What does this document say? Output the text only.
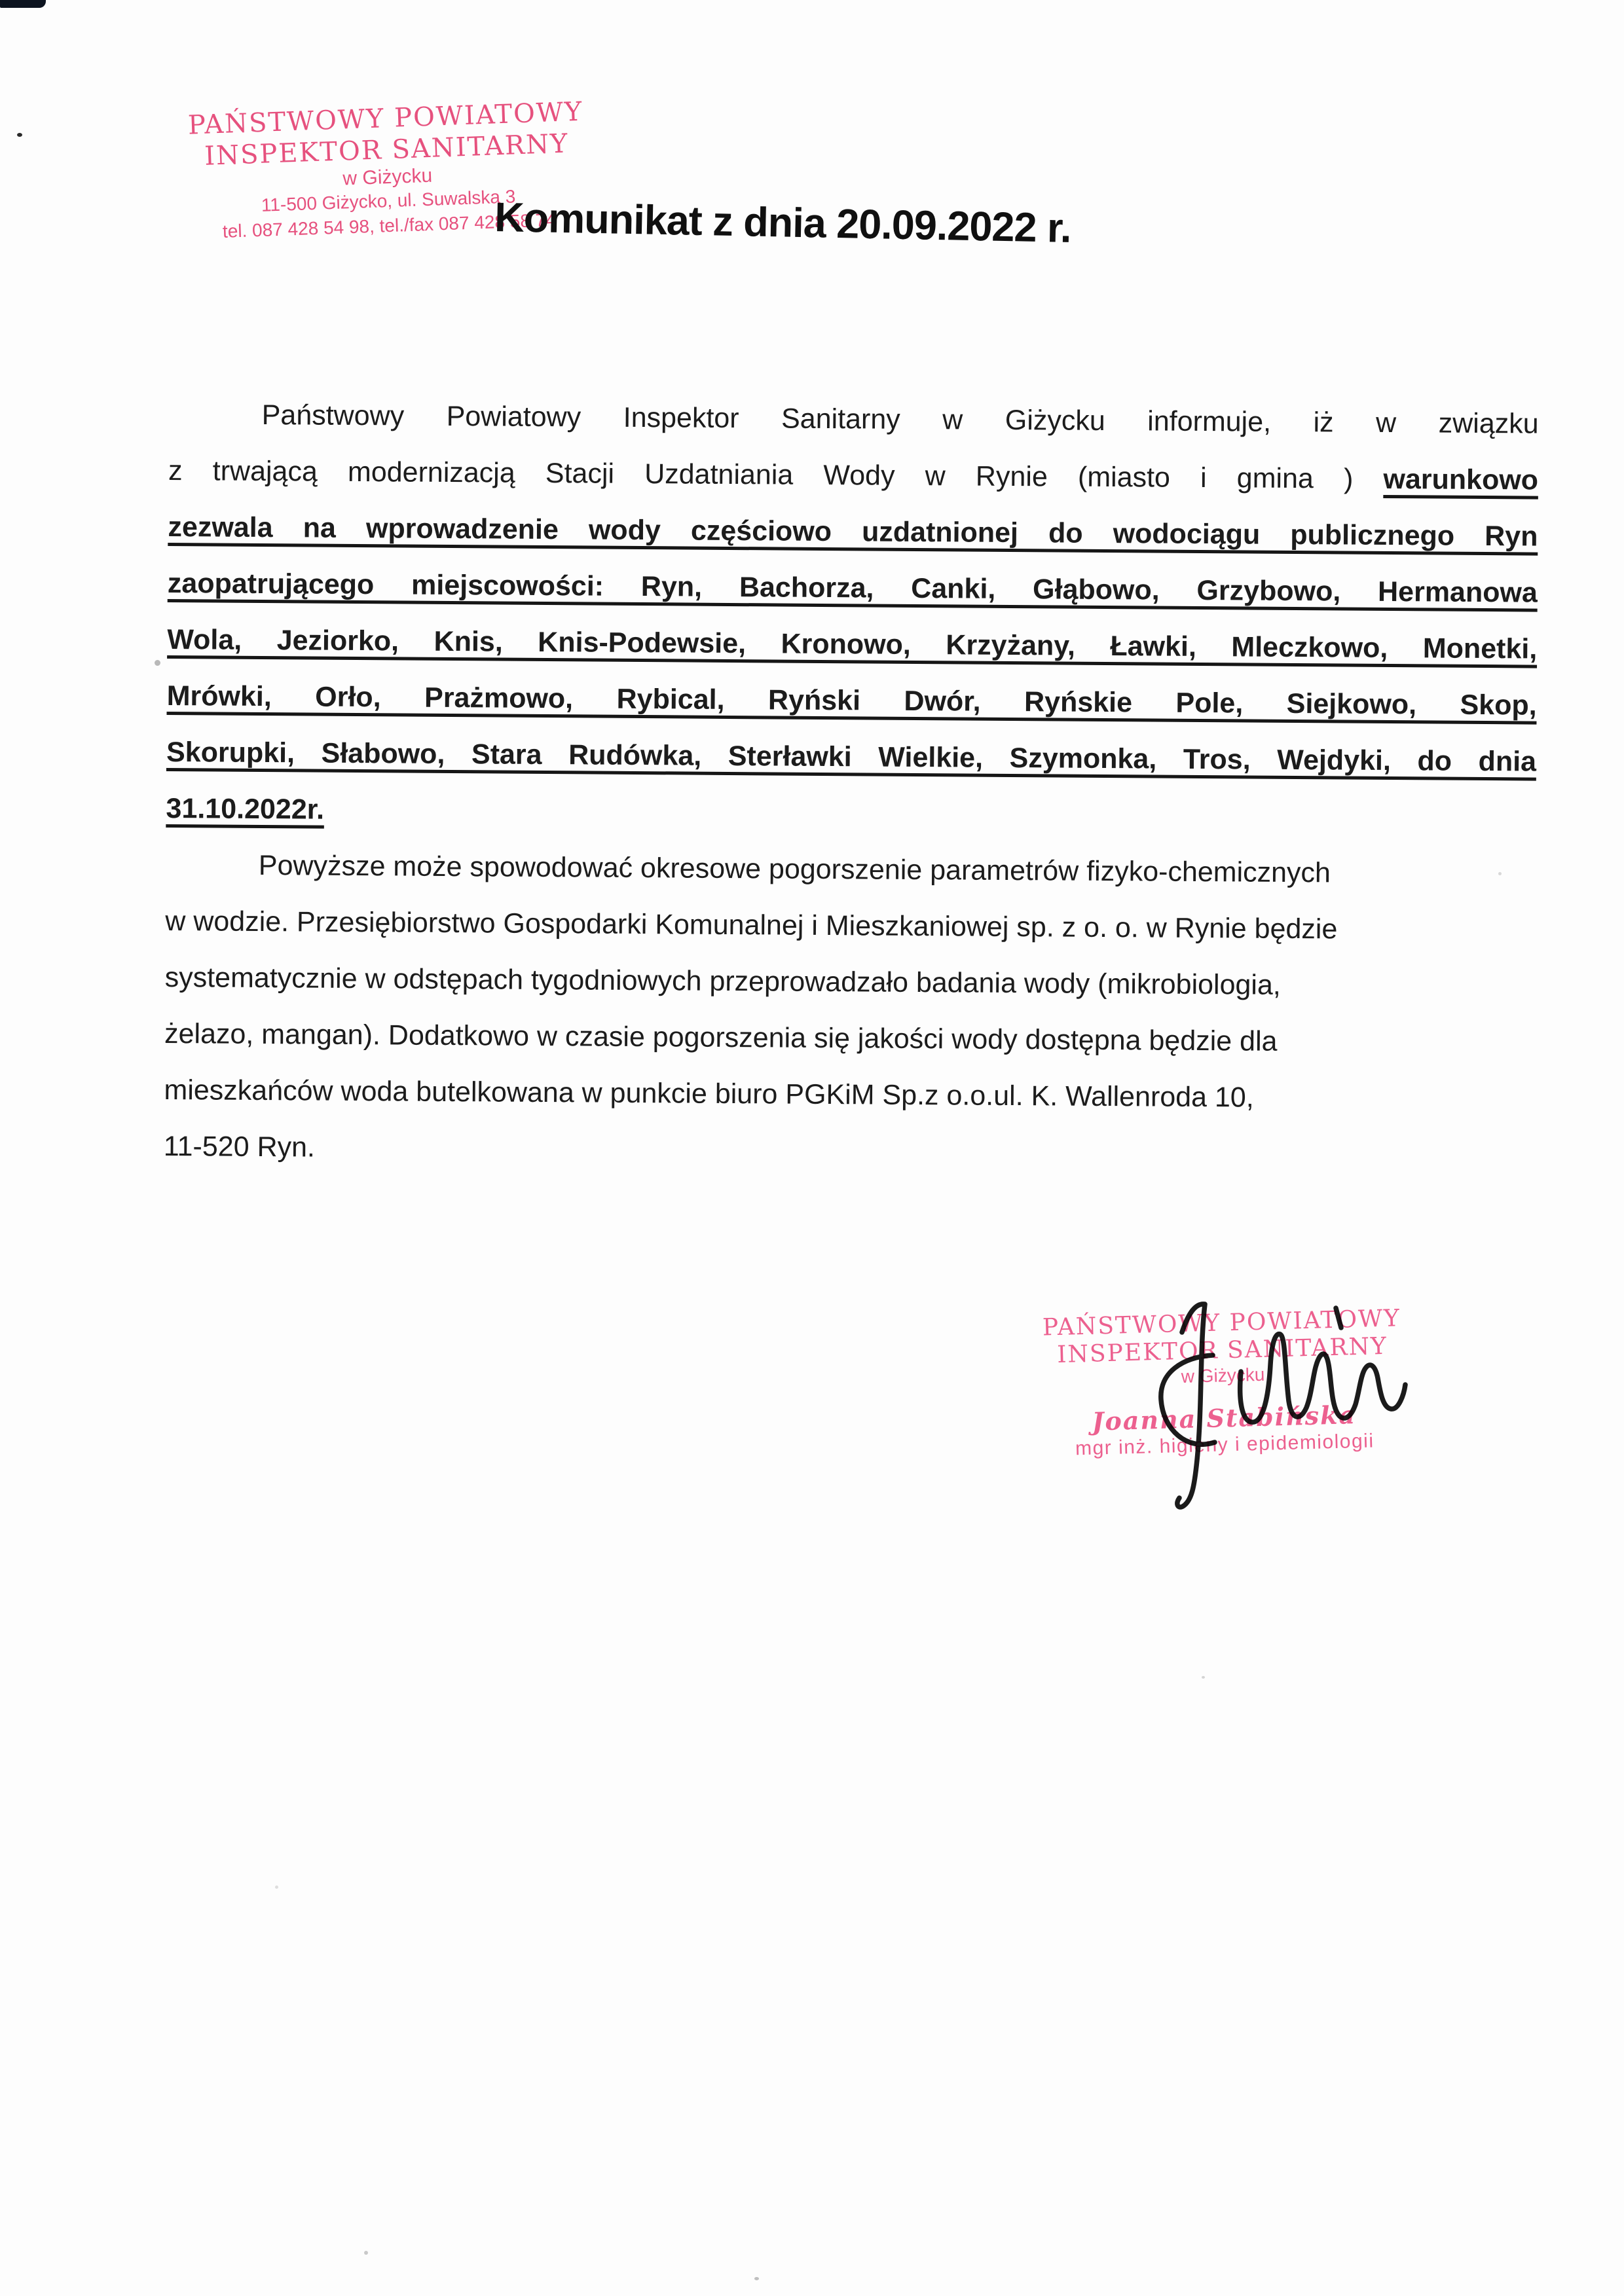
PAŃSTWOWY POWIATOWY
INSPEKTOR SANITARNY
w Giżycku
11-500 Giżycko, ul. Suwalska 3
tel. 087 428 54 98, tel./fax 087 428 58 74
Komunikat z dnia 20.09.2022 r.
Państwowy Powiatowy Inspektor Sanitarny w Giżycku informuje, iż w związku
z trwającą modernizacją Stacji Uzdatniania Wody w Rynie (miasto i gmina ) warunkowo
zezwala na wprowadzenie wody częściowo uzdatnionej do wodociągu publicznego Ryn
zaopatrującego miejscowości: Ryn, Bachorza, Canki, Głąbowo, Grzybowo, Hermanowa
Wola, Jeziorko, Knis, Knis-Podewsie, Kronowo, Krzyżany, Ławki, Mleczkowo, Monetki,
Mrówki, Orło, Prażmowo, Rybical, Ryński Dwór, Ryńskie Pole, Siejkowo, Skop,
Skorupki, Słabowo, Stara Rudówka, Sterławki Wielkie, Szymonka, Tros, Wejdyki, do dnia
31.10.2022r.
Powyższe może spowodować okresowe pogorszenie parametrów fizyko-chemicznych
w wodzie. Przesiębiorstwo Gospodarki Komunalnej i Mieszkaniowej sp. z o. o. w Rynie będzie
systematycznie w odstępach tygodniowych przeprowadzało badania wody (mikrobiologia,
żelazo, mangan). Dodatkowo w czasie pogorszenia się jakości wody dostępna będzie dla
mieszkańców woda butelkowana w punkcie biuro PGKiM Sp.z o.o.ul. K. Wallenroda 10,
11-520 Ryn.
PAŃSTWOWY POWIATOWY
INSPEKTOR SANITARNY
w Giżycku
Joanna Stabińska
mgr inż. higieny i epidemiologii
